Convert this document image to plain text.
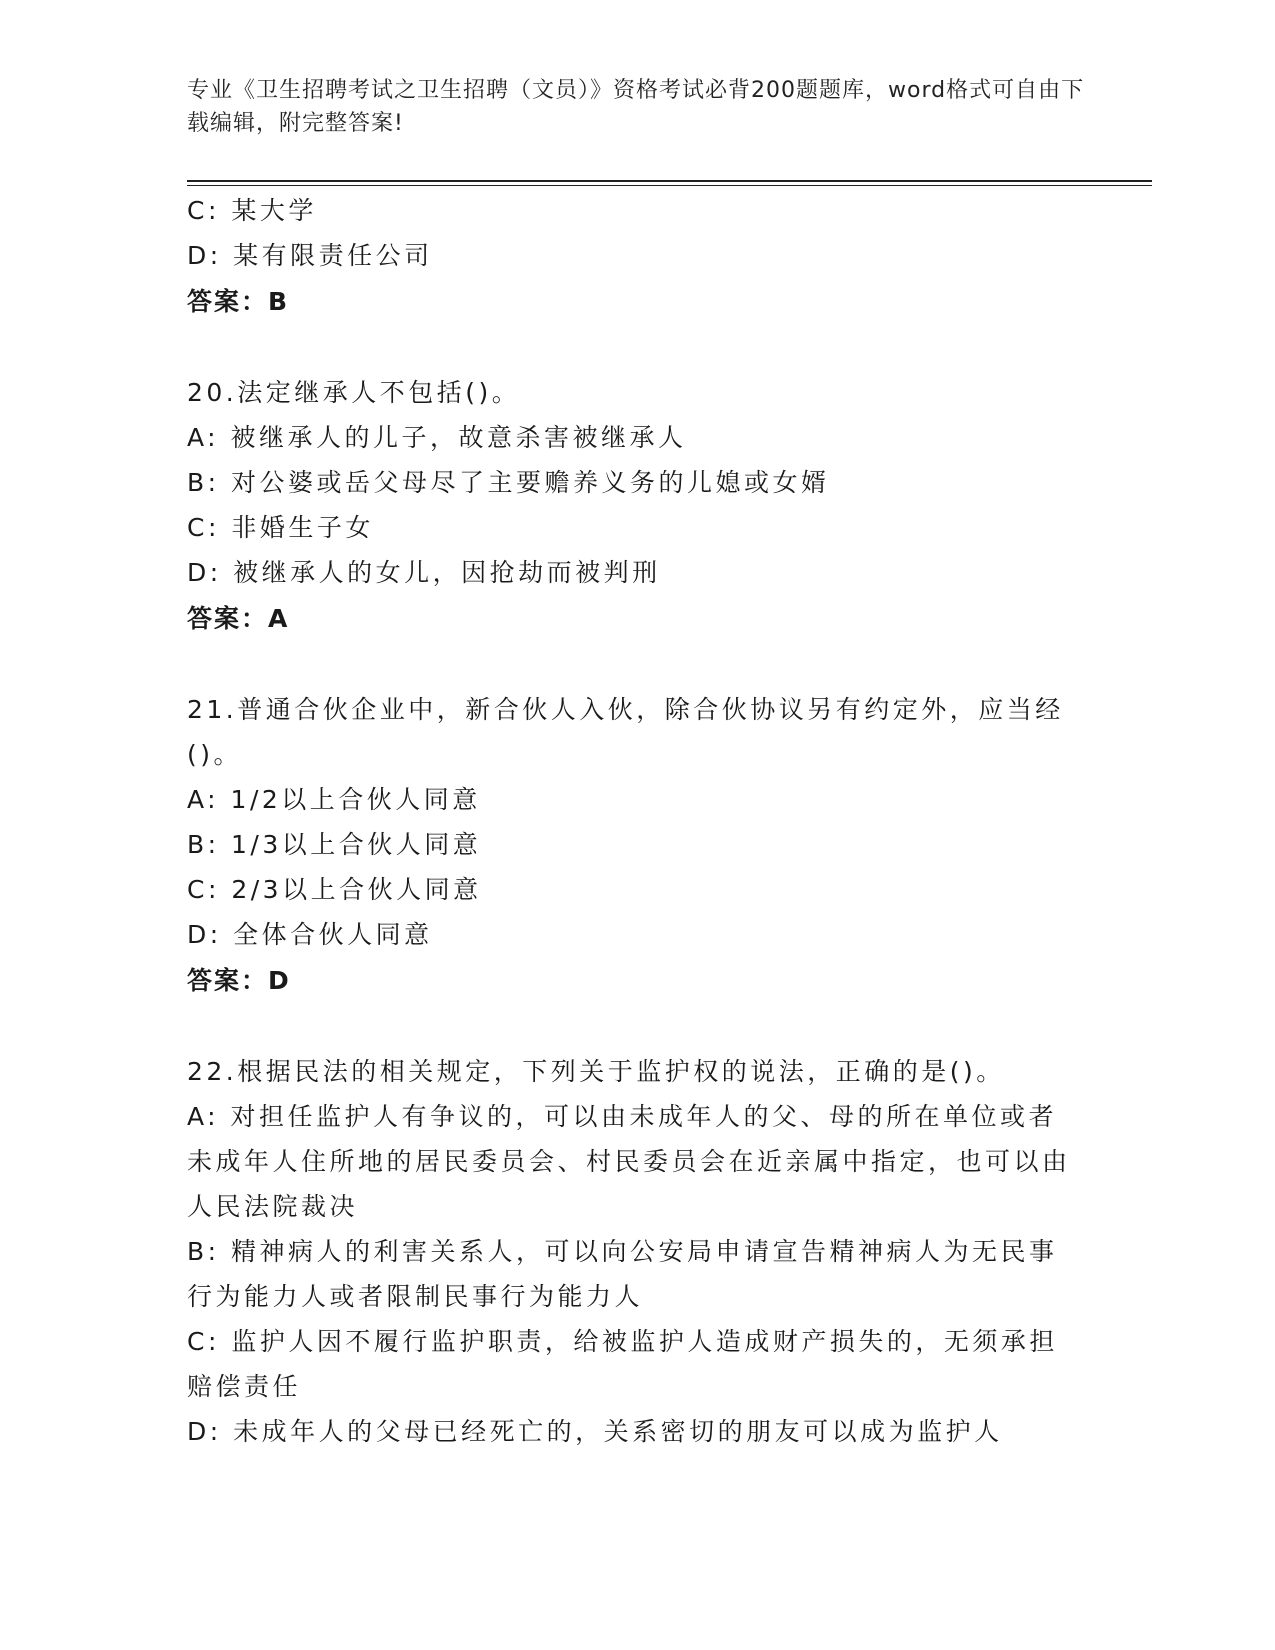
专业《卫生招聘考试之卫生招聘（文员）》资格考试必背200题题库，word格式可自由下载编辑，附完整答案!
C: 某大学
D: 某有限责任公司
答案：B
20.法定继承人不包括()。
A: 被继承人的儿子，故意杀害被继承人
B: 对公婆或岳父母尽了主要赡养义务的儿媳或女婿
C: 非婚生子女
D: 被继承人的女儿，因抢劫而被判刑
答案：A
21.普通合伙企业中，新合伙人入伙，除合伙协议另有约定外，应当经()。
A: 1/2以上合伙人同意
B: 1/3以上合伙人同意
C: 2/3以上合伙人同意
D: 全体合伙人同意
答案：D
22.根据民法的相关规定，下列关于监护权的说法，正确的是()。
A: 对担任监护人有争议的，可以由未成年人的父、母的所在单位或者未成年人住所地的居民委员会、村民委员会在近亲属中指定，也可以由人民法院裁决
B: 精神病人的利害关系人，可以向公安局申请宣告精神病人为无民事行为能力人或者限制民事行为能力人
C: 监护人因不履行监护职责，给被监护人造成财产损失的，无须承担赔偿责任
D: 未成年人的父母已经死亡的，关系密切的朋友可以成为监护人
